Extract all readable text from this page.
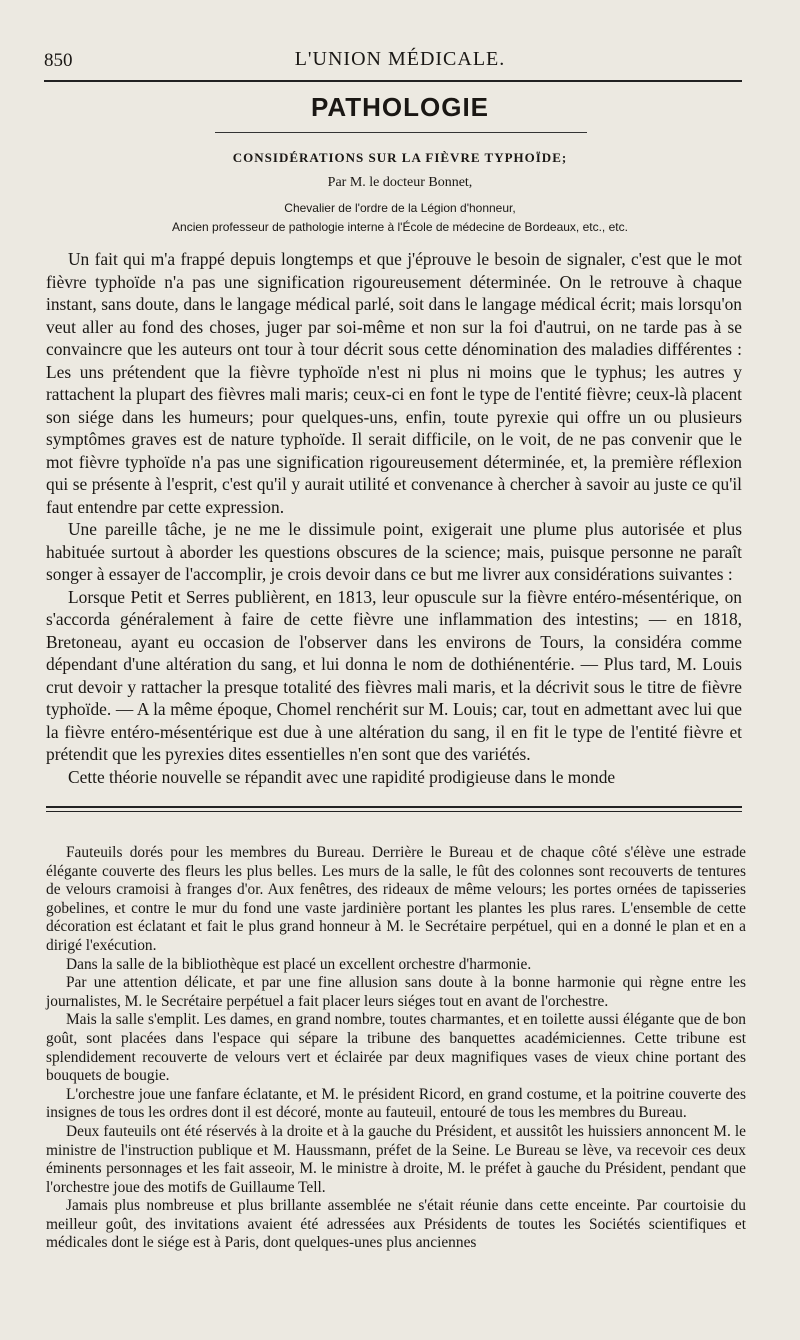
850	L'UNION MÉDICALE.
PATHOLOGIE
CONSIDÉRATIONS SUR LA FIÈVRE TYPHOÏDE;
Par M. le docteur Bonnet,
Chevalier de l'ordre de la Légion d'honneur,
Ancien professeur de pathologie interne à l'École de médecine de Bordeaux, etc., etc.

Un fait qui m'a frappé depuis longtemps et que j'éprouve le besoin de signaler, c'est que le mot fièvre typhoïde n'a pas une signification rigoureusement déterminée. On le retrouve à chaque instant, sans doute, dans le langage médical parlé, soit dans le langage médical écrit; mais lorsqu'on veut aller au fond des choses, juger par soi-même et non sur la foi d'autrui, on ne tarde pas à se convaincre que les auteurs ont tour à tour décrit sous cette dénomination des maladies différentes : Les uns prétendent que la fièvre typhoïde n'est ni plus ni moins que le typhus; les autres y rattachent la plupart des fièvres mali maris; ceux-ci en font le type de l'entité fièvre; ceux-là placent son siége dans les humeurs; pour quelques-uns, enfin, toute pyrexie qui offre un ou plusieurs symptômes graves est de nature typhoïde. Il serait difficile, on le voit, de ne pas convenir que le mot fièvre typhoïde n'a pas une signification rigoureusement déterminée, et, la première réflexion qui se présente à l'esprit, c'est qu'il y aurait utilité et convenance à chercher à savoir au juste ce qu'il faut entendre par cette expression.

Une pareille tâche, je ne me le dissimule point, exigerait une plume plus autorisée et plus habituée surtout à aborder les questions obscures de la science; mais, puisque personne ne paraît songer à essayer de l'accomplir, je crois devoir dans ce but me livrer aux considérations suivantes :

Lorsque Petit et Serres publièrent, en 1813, leur opuscule sur la fièvre entéro-mésentérique, on s'accorda généralement à faire de cette fièvre une inflammation des intestins; — en 1818, Bretoneau, ayant eu occasion de l'observer dans les environs de Tours, la considéra comme dépendant d'une altération du sang, et lui donna le nom de dothiénentérie. — Plus tard, M. Louis crut devoir y rattacher la presque totalité des fièvres mali maris, et la décrivit sous le titre de fièvre typhoïde. — A la même époque, Chomel renchérit sur M. Louis; car, tout en admettant avec lui que la fièvre entéro-mésentérique est due à une altération du sang, il en fit le type de l'entité fièvre et prétendit que les pyrexies dites essentielles n'en sont que des variétés.

Cette théorie nouvelle se répandit avec une rapidité prodigieuse dans le monde

Fauteuils dorés pour les membres du Bureau. Derrière le Bureau et de chaque côté s'élève une estrade élégante couverte des fleurs les plus belles. Les murs de la salle, le fût des colonnes sont recouverts de tentures de velours cramoisi à franges d'or. Aux fenêtres, des rideaux de même velours; les portes ornées de tapisseries gobelines, et contre le mur du fond une vaste jardinière portant les plantes les plus rares. L'ensemble de cette décoration est éclatant et fait le plus grand honneur à M. le Secrétaire perpétuel, qui en a donné le plan et en a dirigé l'exécution.

Dans la salle de la bibliothèque est placé un excellent orchestre d'harmonie.

Par une attention délicate, et par une fine allusion sans doute à la bonne harmonie qui règne entre les journalistes, M. le Secrétaire perpétuel a fait placer leurs siéges tout en avant de l'orchestre.

Mais la salle s'emplit. Les dames, en grand nombre, toutes charmantes, et en toilette aussi élégante que de bon goût, sont placées dans l'espace qui sépare la tribune des banquettes académiciennes. Cette tribune est splendidement recouverte de velours vert et éclairée par deux magnifiques vases de vieux chine portant des bouquets de bougie.

L'orchestre joue une fanfare éclatante, et M. le président Ricord, en grand costume, et la poitrine couverte des insignes de tous les ordres dont il est décoré, monte au fauteuil, entouré de tous les membres du Bureau.

Deux fauteuils ont été réservés à la droite et à la gauche du Président, et aussitôt les huissiers annoncent M. le ministre de l'instruction publique et M. Haussmann, préfet de la Seine. Le Bureau se lève, va recevoir ces deux éminents personnages et les fait asseoir, M. le ministre à droite, M. le préfet à gauche du Président, pendant que l'orchestre joue des motifs de Guillaume Tell.

Jamais plus nombreuse et plus brillante assemblée ne s'était réunie dans cette enceinte. Par courtoisie du meilleur goût, des invitations avaient été adressées aux Présidents de toutes les Sociétés scientifiques et médicales dont le siége est à Paris, dont quelques-unes plus anciennes
